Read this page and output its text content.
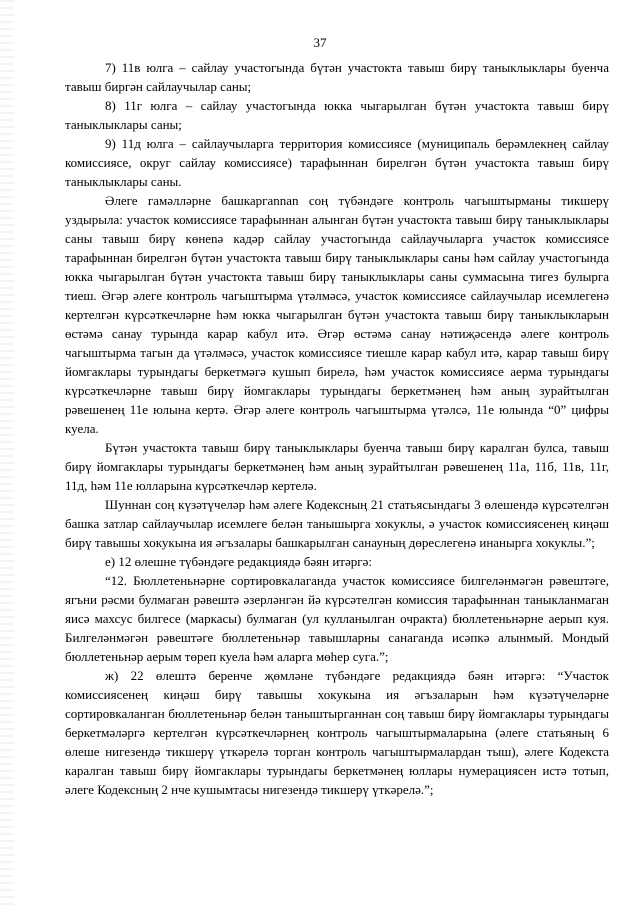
37

7) 11в юлга – сайлау участогында бүтән участокта тавыш бирү таныклыклары буенча тавыш биргән сайлаучылар саны;

8) 11г юлга – сайлау участогында юкка чыгарылган бүтән участокта тавыш бирү таныклыклары саны;

9) 11д юлга – сайлаучыларга территория комиссиясе (муниципаль берәмлекнең сайлау комиссиясе, округ сайлау комиссиясе) тарафыннан бирелгән бүтән участокта тавыш бирү таныклыклары саны.

Әлеге гамәлләрне башкаргannan соң түбәндәге контроль чагыштырманы тикшерү уздырыла: участок комиссиясе тарафыннан алынган бүтән участокта тавыш бирү таныклыклары саны тавыш бирү көнenә кадәр сайлау участогында сайлаучыларга участок комиссиясе тарафыннан бирелгән бүтән участокта тавыш бирү таныклыклары саны һәм сайлау участогында юкка чыгарылган бүтән участокта тавыш бирү таныклыклары саны суммасына тигез булырга тиеш. Әгәр әлеге контроль чагыштырма үтәлмәсә, участок комиссиясе сайлаучылар исемлегенә кертелгән күрсәткечләрне һәм юкка чыгарылган бүтән участокта тавыш бирү таныклыкларын өстәмә санау турында карар кабул итә. Әгәр өстәмә санау нәтиҗәсендә әлеге контроль чагыштырма тагын да үтәлмәсә, участок комиссиясе тиешле карар кабул итә, карар тавыш бирү йомгаклары турындагы беркетмәгә кушып бирелә, һәм участок комиссиясе аерма турындагы күрсәткечләрне тавыш бирү йомгаклары турындагы беркетмәнең һәм аның зурайтылган рәвешенең 11е юлына кертә. Әгәр әлеге контроль чагыштырма үтәлсә, 11е юлында “0” цифры куела.

Бүтән участокта тавыш бирү таныклыклары буенча тавыш бирү каралган булса, тавыш бирү йомгаклары турындагы беркетмәнең һәм аның зурайтылган рәвешенең 11а, 11б, 11в, 11г, 11д, һәм 11е юлларына күрсәткечләр кертелә.

Шуннан соң күзәтүчеләр һәм әлеге Кодексның 21 статьясындагы 3 өлешендә күрсәтелгән башка затлар сайлаучылар исемлеге белән танышырга хокуклы, ә участок комиссиясенең киңәш бирү тавышы хокукына ия әгъзалары башкарылган санауның дөреслегенә инанырга хокуклы.”;

е) 12 өлешне түбәндәге редакциядә бәян итәргә:

“12. Бюллетеньнәрне сортировкалаганда участок комиссиясе билгеләнмәгән рәвештәге, ягъни рәсми булмаган рәвештә әзерләнгән йә күрсәтелгән комиссия тарафыннан таныкланмаган яисә махсус билгесе (маркасы) булмаган (ул кулланылган очракта) бюллетеньнәрне аерып куя. Билгеләнмәгән рәвештәге бюллетеньнәр тавышларны санаганда исәпкә алынмый. Мондый бюллетеньнәр аерым төреп куела һәм аларга мөһер суга.”;

ж) 22 өлештә беренче җөмләне түбәндәге редакциядә бәян итәргә: “Участок комиссиясенең киңәш бирү тавышы хокукына ия әгъзаларын һәм күзәтүчеләрне сортировкаланган бюллетеньнәр белән таныштырганнан соң тавыш бирү йомгаклары турындагы беркетмәләргә кертелгән күрсәткечләрнең контроль чагыштырмаларына (әлеге статьяның 6 өлеше нигезендә тикшерү үткәрелә торган контроль чагыштырмалардан тыш), әлеге Кодекста каралган тавыш бирү йомгаклары турындагы беркетмәнең юллары нумерациясен истә тотып, әлеге Кодексның 2 нче кушымтасы нигезендә тикшерү үткәрелә.”;
